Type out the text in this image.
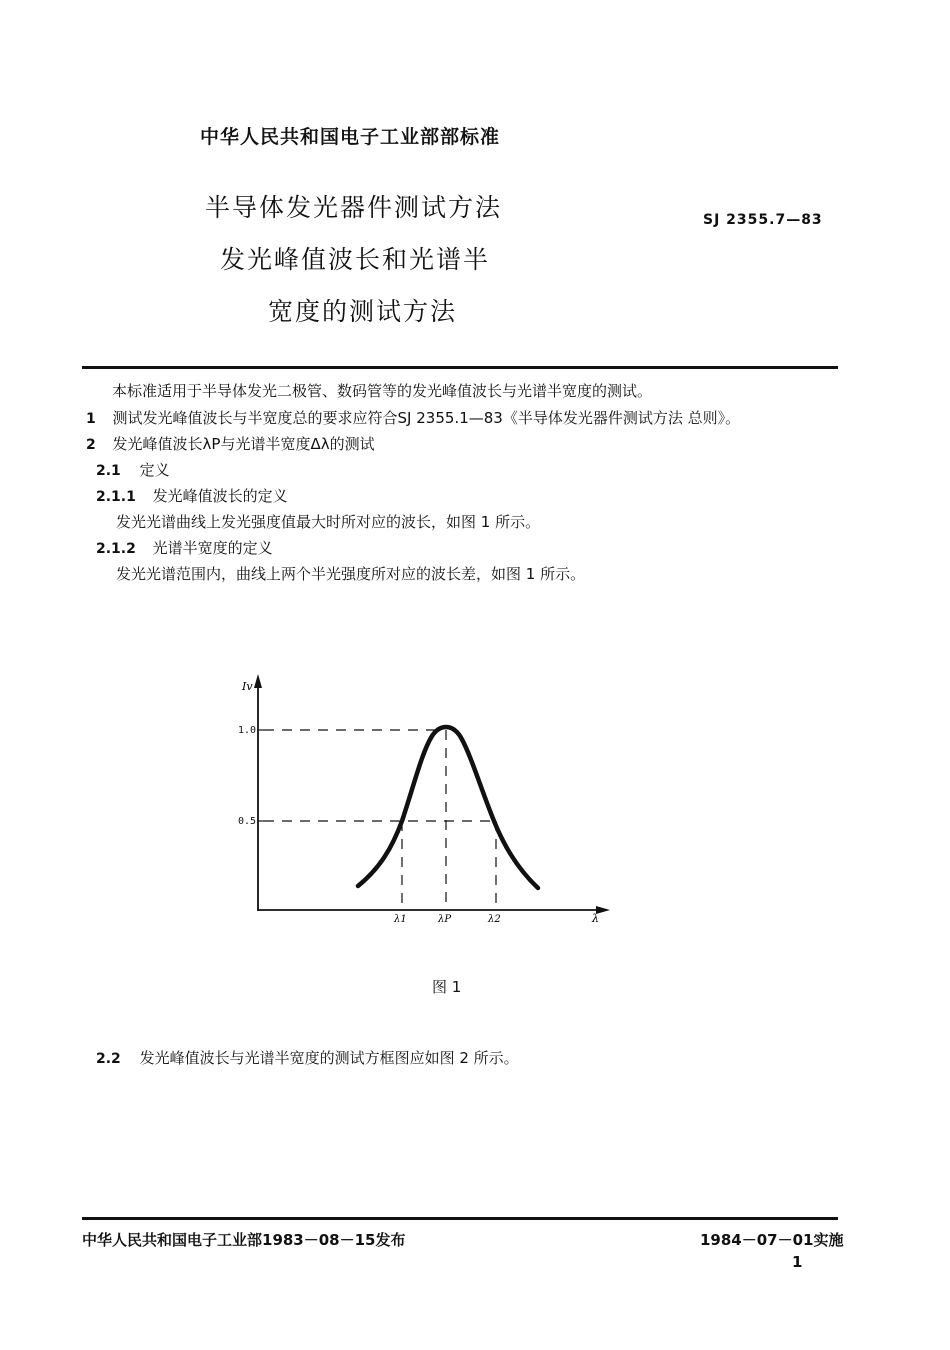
中华人民共和国电子工业部部标准
半导体发光器件测试方法
发光峰值波长和光谱半
宽度的测试方法
SJ 2355.7—83
本标准适用于半导体发光二极管、数码管等的发光峰值波长与光谱半宽度的测试。
1 测试发光峰值波长与半宽度总的要求应符合SJ 2355.1—83《半导体发光器件测试方法 总则》。
2 发光峰值波长λP与光谱半宽度Δλ的测试
2.1 定义
2.1.1 发光峰值波长的定义
发光光谱曲线上发光强度值最大时所对应的波长，如图 1 所示。
2.1.2 光谱半宽度的定义
发光光谱范围内，曲线上两个半光强度所对应的波长差，如图 1 所示。
1.0
0.5
Iv
λ1	λP	λ2	λ
图 1
2.2 发光峰值波长与光谱半宽度的测试方框图应如图 2 所示。
中华人民共和国电子工业部1983－08－15发布	1984－07－01实施
1
